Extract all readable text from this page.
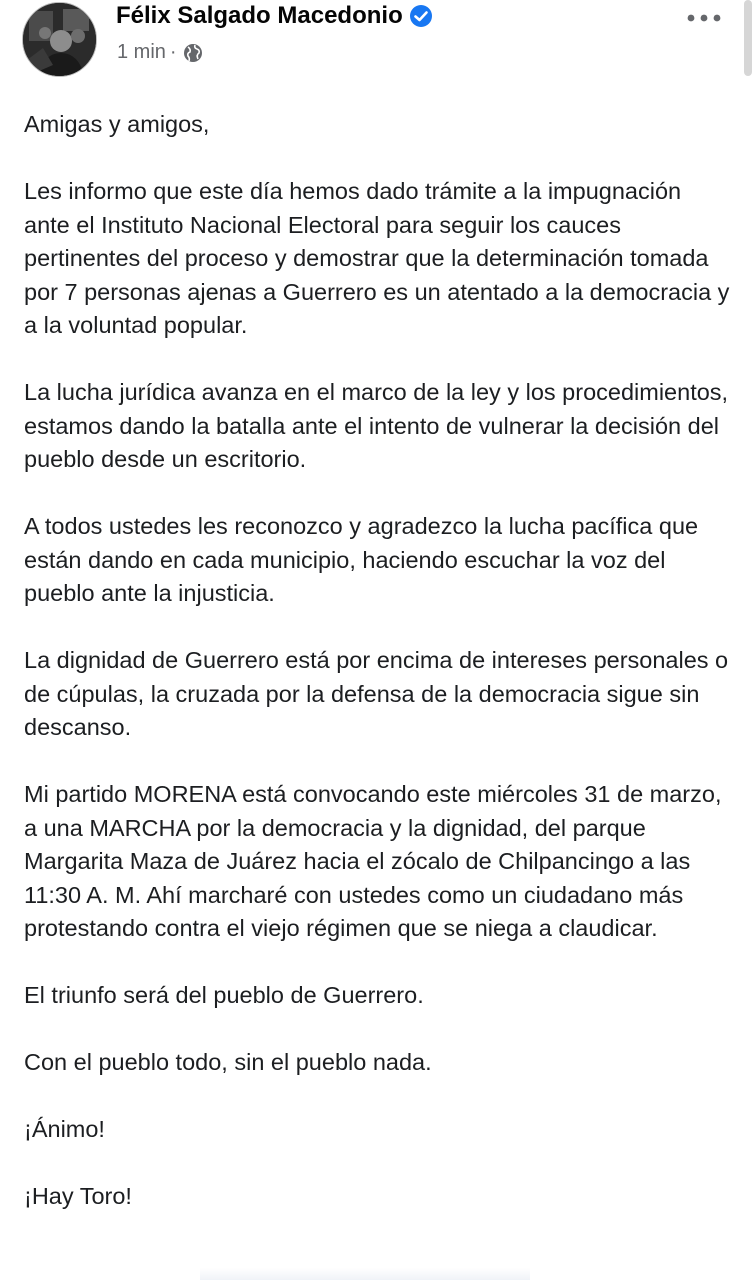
Félix Salgado Macedonio
1 min ·

Amigas y amigos,

Les informo que este día hemos dado trámite a la impugnación ante el Instituto Nacional Electoral para seguir los cauces pertinentes del proceso y demostrar que la determinación tomada por 7 personas ajenas a Guerrero es un atentado a la democracia y a la voluntad popular.

La lucha jurídica avanza en el marco de la ley y los procedimientos, estamos dando la batalla ante el intento de vulnerar la decisión del pueblo desde un escritorio.

A todos ustedes les reconozco y agradezco la lucha pacífica que están dando en cada municipio, haciendo escuchar la voz del pueblo ante la injusticia.

La dignidad de Guerrero está por encima de intereses personales o de cúpulas, la cruzada por la defensa de la democracia sigue sin descanso.

Mi partido MORENA está convocando este miércoles 31 de marzo, a una MARCHA por la democracia y la dignidad, del parque Margarita Maza de Juárez hacia el zócalo de Chilpancingo a las 11:30 A. M. Ahí marcharé con ustedes como un ciudadano más protestando contra el viejo régimen que se niega a claudicar.

El triunfo será del pueblo de Guerrero.

Con el pueblo todo, sin el pueblo nada.

¡Ánimo!

¡Hay Toro!
